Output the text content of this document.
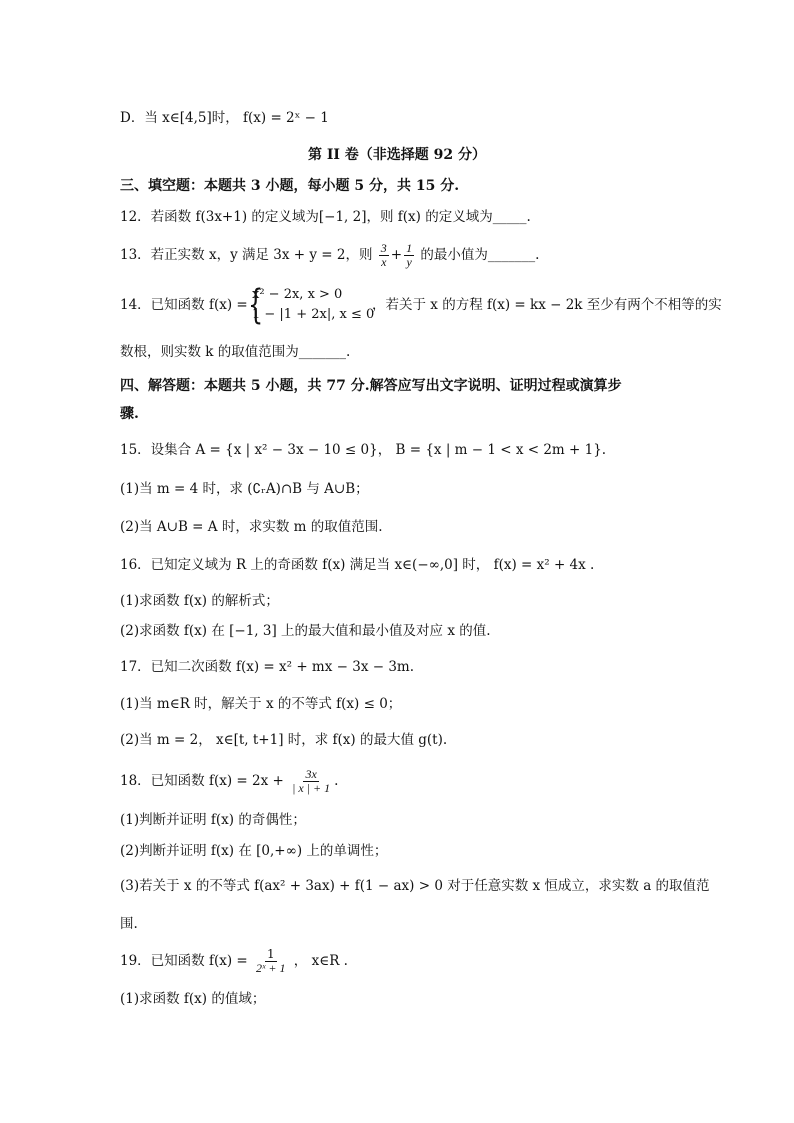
D．当 x∈[4,5]时， f(x) = 2ˣ − 1
第 II 卷（非选择题 92 分）
三、填空题：本题共 3 小题，每小题 5 分，共 15 分.
12．若函数 f(3x+1) 的定义域为[−1, 2]，则 f(x) 的定义域为_____.
13．若正实数 x，y 满足 3x + y = 2，则 $\frac{3}{x} + \frac{1}{y}$ 的最小值为_______.
14．已知函数 f(x) = {
x² − 2x, x > 0
1 − |1 + 2x|, x ≤ 0
，若关于 x 的方程 f(x) = kx − 2k 至少有两个不相等的实
数根，则实数 k 的取值范围为_______.
四、解答题：本题共 5 小题，共 77 分.解答应写出文字说明、证明过程或演算步
骤.
15．设集合 A = {x | x² − 3x − 10 ≤ 0}， B = {x | m − 1 < x < 2m + 1}.
(1)当 m = 4 时，求 (∁ᵣA)∩B 与 A∪B；
(2)当 A∪B = A 时，求实数 m 的取值范围.
16．已知定义域为 R 上的奇函数 f(x) 满足当 x∈(−∞,0] 时， f(x) = x² + 4x .
(1)求函数 f(x) 的解析式；
(2)求函数 f(x) 在 [−1, 3] 上的最大值和最小值及对应 x 的值.
17．已知二次函数 f(x) = x² + mx − 3x − 3m.
(1)当 m∈R 时，解关于 x 的不等式 f(x) ≤ 0；
(2)当 m = 2， x∈[t, t+1] 时，求 f(x) 的最大值 g(t).
18．已知函数 $f(x) = 2x + \frac{3x}{| x | + 1}$ .
(1)判断并证明 f(x) 的奇偶性；
(2)判断并证明 f(x) 在 [0,+∞) 上的单调性；
(3)若关于 x 的不等式 f(ax² + 3ax) + f(1 − ax) > 0 对于任意实数 x 恒成立，求实数 a 的取值范
围.
19．已知函数 $f(x) = \frac{1}{\text{2ˣ + 1}}$ ， x∈R .
(1)求函数 f(x) 的值域；
